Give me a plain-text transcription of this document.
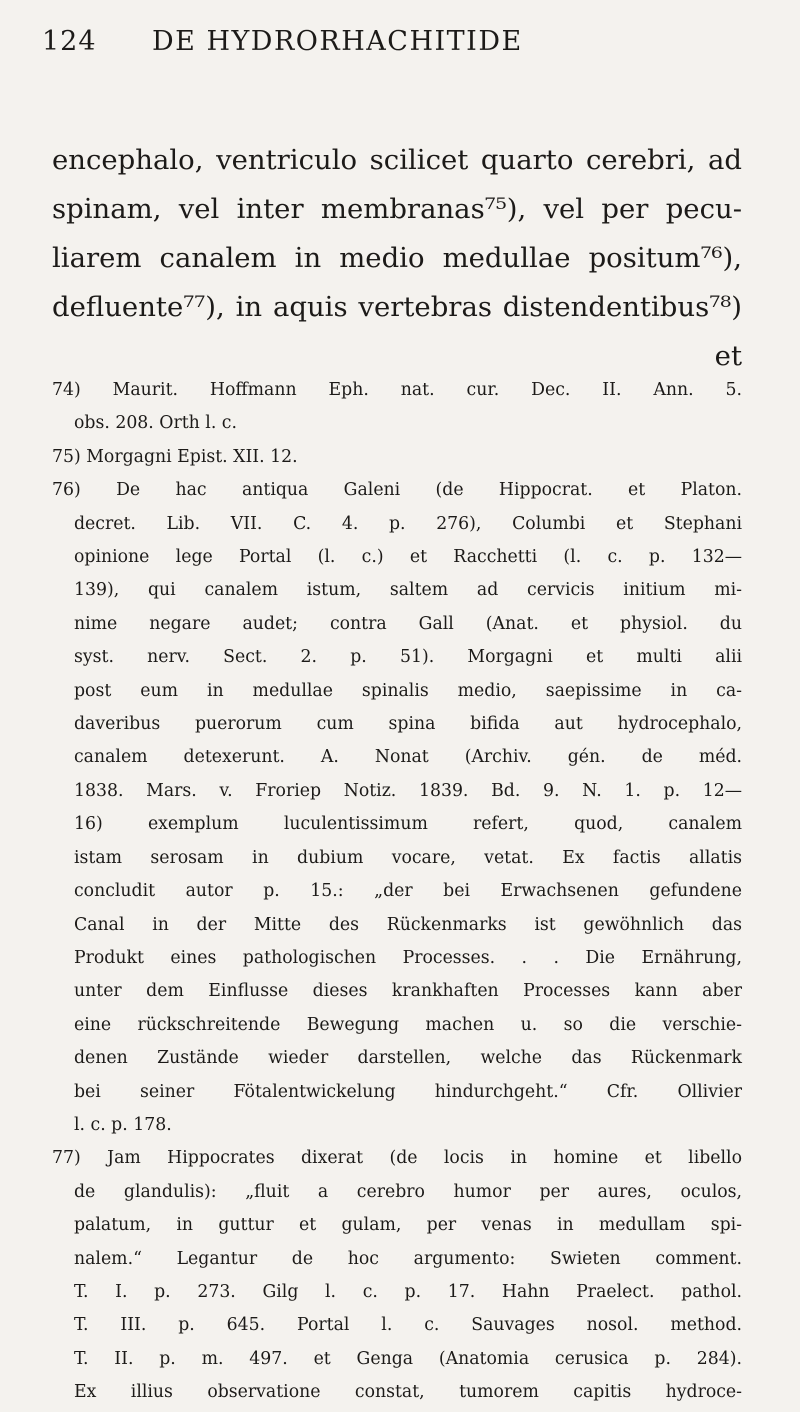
124 DE HYDRORHACHITIDE
encephalo, ventriculo scilicet quarto cerebri, ad
spinam, vel inter membranas⁷⁵), vel per pecu-
liarem canalem in medio medullae positum⁷⁶),
defluente⁷⁷), in aquis vertebras distendentibus⁷⁸)
et
74) Maurit. Hoffmann Eph. nat. cur. Dec. II. Ann. 5.
obs. 208. Orth l. c.
75) Morgagni Epist. XII. 12.
76) De hac antiqua Galeni (de Hippocrat. et Platon.
decret. Lib. VII. C. 4. p. 276), Columbi et Stephani
opinione lege Portal (l. c.) et Racchetti (l. c. p. 132—
139), qui canalem istum, saltem ad cervicis initium mi-
nime negare audet; contra Gall (Anat. et physiol. du
syst. nerv. Sect. 2. p. 51). Morgagni et multi alii
post eum in medullae spinalis medio, saepissime in ca-
daveribus puerorum cum spina bifida aut hydrocephalo,
canalem detexerunt. A. Nonat (Archiv. gén. de méd.
1838. Mars. v. Froriep Notiz. 1839. Bd. 9. N. 1. p. 12—
16) exemplum luculentissimum refert, quod, canalem
istam serosam in dubium vocare, vetat. Ex factis allatis
concludit autor p. 15.: „der bei Erwachsenen gefundene
Canal in der Mitte des Rückenmarks ist gewöhnlich das
Produkt eines pathologischen Processes. . . Die Ernährung,
unter dem Einflusse dieses krankhaften Processes kann aber
eine rückschreitende Bewegung machen u. so die verschie-
denen Zustände wieder darstellen, welche das Rückenmark
bei seiner Fötalentwickelung hindurchgeht.“ Cfr. Ollivier
l. c. p. 178.
77) Jam Hippocrates dixerat (de locis in homine et libello
de glandulis): „fluit a cerebro humor per aures, oculos,
palatum, in guttur et gulam, per venas in medullam spi-
nalem.“ Legantur de hoc argumento: Swieten comment.
T. I. p. 273. Gilg l. c. p. 17. Hahn Praelect. pathol.
T. III. p. 645. Portal l. c. Sauvages nosol. method.
T. II. p. m. 497. et Genga (Anatomia cerusica p. 284).
Ex illius observatione constat, tumorem capitis hydroce-
